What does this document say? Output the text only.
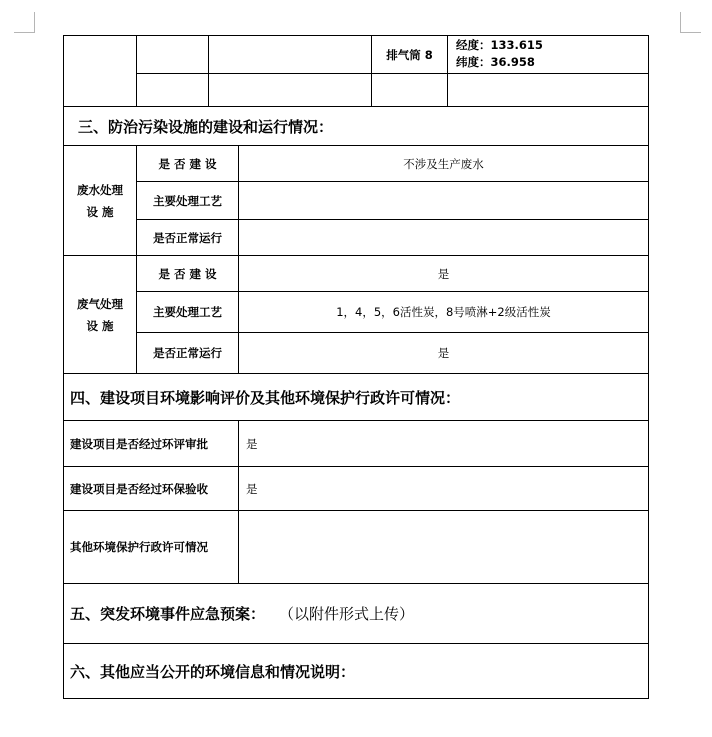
排气筒 8
经度：133.615
纬度：36.958
三、防治污染设施的建设和运行情况：
废水处理
设 施
是 否 建 设
主要处理工艺
是否正常运行
不涉及生产废水
废气处理
设 施
是 否 建 设
主要处理工艺
是否正常运行
是
1，4，5，6活性炭，8号喷淋+2级活性炭
是
四、建设项目环境影响评价及其他环境保护行政许可情况：
建设项目是否经过环评审批	是
建设项目是否经过环保验收	是
其他环境保护行政许可情况
五、突发环境事件应急预案： （以附件形式上传）
六、其他应当公开的环境信息和情况说明：
